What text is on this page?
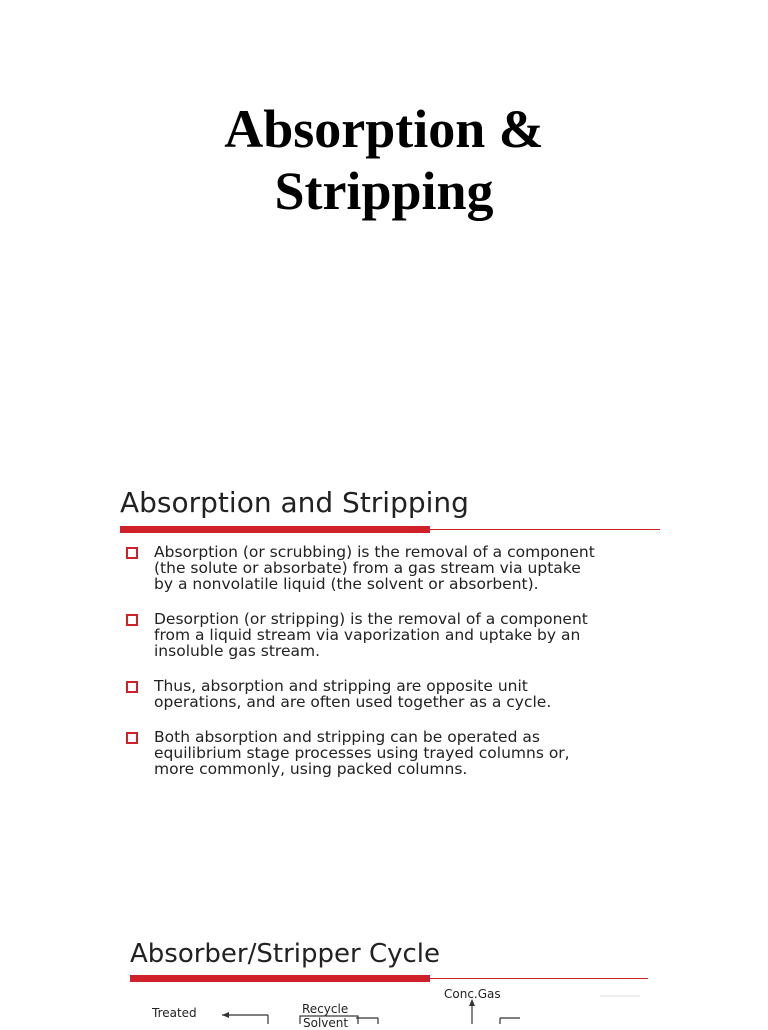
Absorption &
Stripping
Absorption and Stripping
Absorption (or scrubbing) is the removal of a component
(the solute or absorbate) from a gas stream via uptake
by a nonvolatile liquid (the solvent or absorbent).
Desorption (or stripping) is the removal of a component
from a liquid stream via vaporization and uptake by an
insoluble gas stream.
Thus, absorption and stripping are opposite unit
operations, and are often used together as a cycle.
Both absorption and stripping can be operated as
equilibrium stage processes using trayed columns or,
more commonly, using packed columns.
Absorber/Stripper Cycle
Conc.Gas
Treated	Recycle
Solvent
